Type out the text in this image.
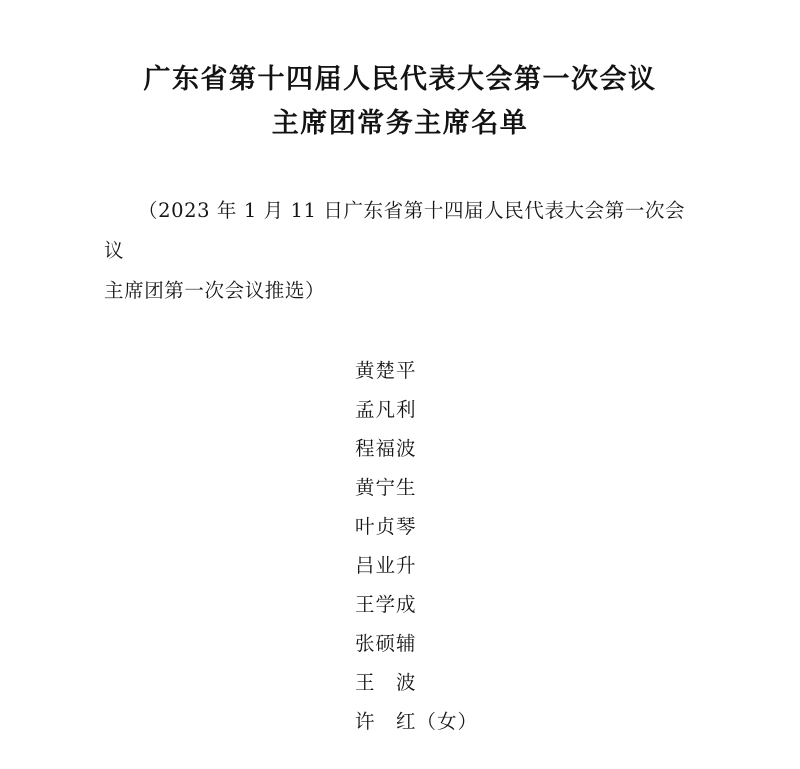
广东省第十四届人民代表大会第一次会议
主席团常务主席名单

（2023 年 1 月 11 日广东省第十四届人民代表大会第一次会议
主席团第一次会议推选）

黄楚平
孟凡利
程福波
黄宁生
叶贞琴
吕业升
王学成
张硕辅
王　波
许　红（女）
